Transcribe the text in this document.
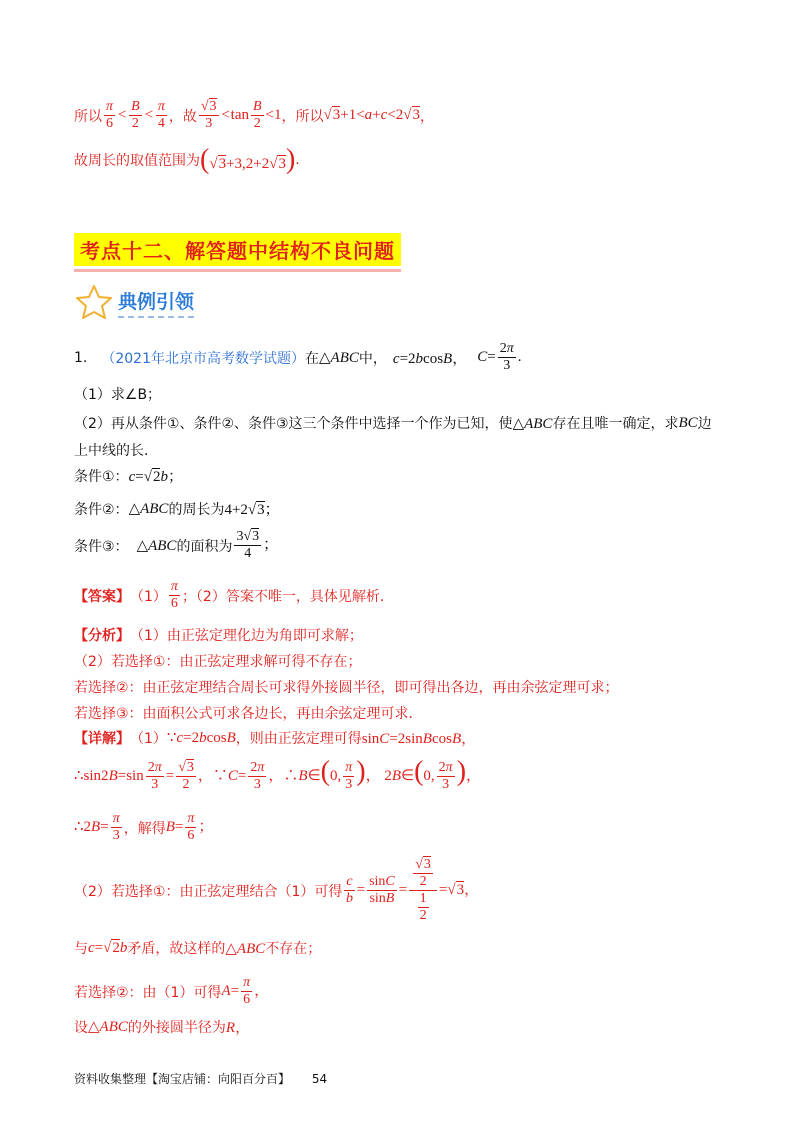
所以 $\frac{\pi}{6} < \frac{B}{2} < \frac{\pi}{4}$ ，故 $\frac{√3}{3} <\tan \frac{B}{2} <1$ ，所以 √3+1<a+c<2√3 ，
故周长的取值范围为 (√3+3,2+2√3) .
考点十二、解答题中结构不良问题
典例引领
1. （2021年北京市高考数学试题） 在 △ABC 中， c=2bcosB， $C= \frac{2\pi}{3}$ .
（1）求∠B；
（2）再从条件①、条件②、条件③这三个条件中选择一个作为已知，使 △ABC 存在且唯一确定，求 BC 边
上中线的长．
条件①： c=√2b；
条件②： △ABC 的周长为 4+2√3；
条件③： △ABC 的面积为 $\frac{3√3}{4}$ ；
【答案】 $(1) \frac{\pi}{6}$ ；（2）答案不唯一，具体见解析．
【分析】 （1）由正弦定理化边为角即可求解；
（2）若选择①：由正弦定理求解可得不存在；
若选择②：由正弦定理结合周长可求得外接圆半径，即可得出各边，再由余弦定理可求；
若选择③：由面积公式可求各边长，再由余弦定理可求．
【详解】 （1） ∵c=2bcosB ，则由正弦定理可得 sinC=2sinBcosB，
∴sin2B=sin $\frac{2\pi}{3} = \frac{√3}{2}$ ，∵C= $\frac{2\pi}{3}$ ，∴B∈(0, $\frac{\pi}{3}$ )， 2B∈(0, $\frac{2\pi}{3}$ )，
∴2B= $\frac{\pi}{3}$ ，解得 $B= \frac{\pi}{6}$ ；
（2）若选择①：由正弦定理结合（1）可得 $\frac{c}{b} = \frac{\sin C}{\sin B} = \frac{\frac{√3}{2}}{\frac{1}{2}} =√3$，
与 c=√2b 矛盾，故这样的 △ABC 不存在；
若选择②：由（1）可得 $A= \frac{\pi}{6}$ ，
设 △ABC 的外接圆半径为 R，
资料收集整理【淘宝店铺：向阳百分百】 54
